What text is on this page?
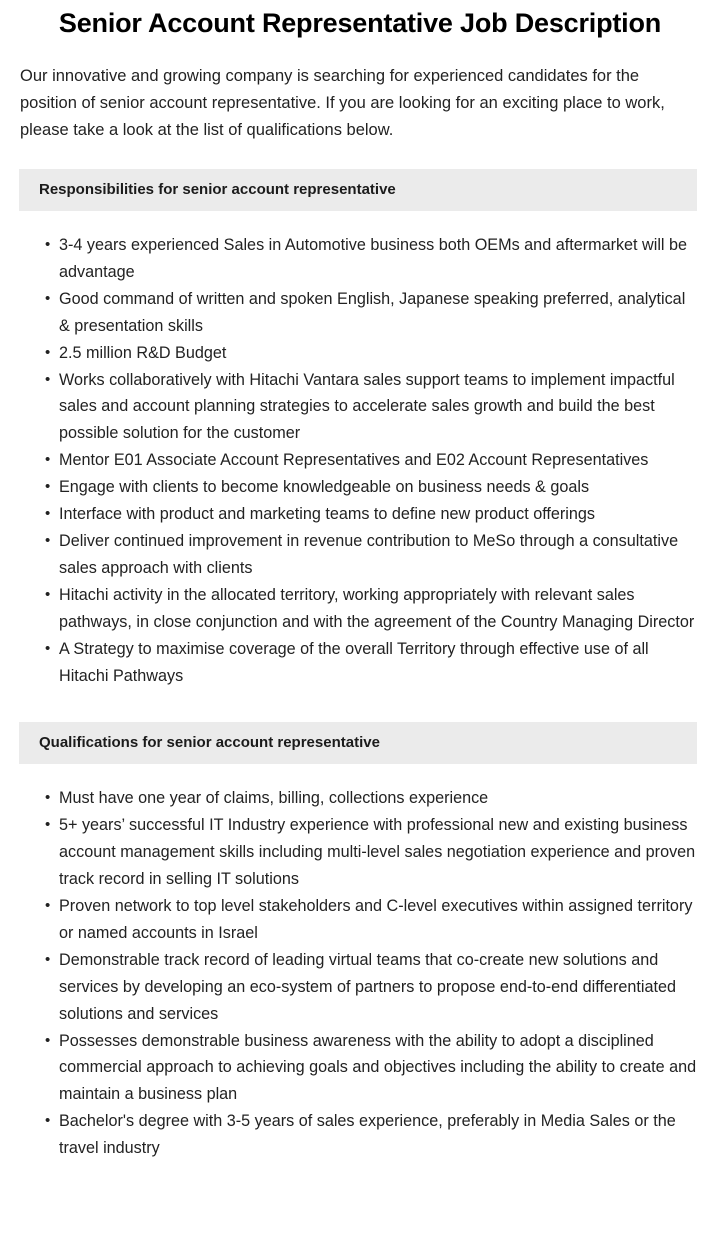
Senior Account Representative Job Description

Our innovative and growing company is searching for experienced candidates for the position of senior account representative. If you are looking for an exciting place to work, please take a look at the list of qualifications below.

Responsibilities for senior account representative
• 3-4 years experienced Sales in Automotive business both OEMs and aftermarket will be advantage
• Good command of written and spoken English, Japanese speaking preferred, analytical & presentation skills
• 2.5 million R&D Budget
• Works collaboratively with Hitachi Vantara sales support teams to implement impactful sales and account planning strategies to accelerate sales growth and build the best possible solution for the customer
• Mentor E01 Associate Account Representatives and E02 Account Representatives
• Engage with clients to become knowledgeable on business needs & goals
• Interface with product and marketing teams to define new product offerings
• Deliver continued improvement in revenue contribution to MeSo through a consultative sales approach with clients
• Hitachi activity in the allocated territory, working appropriately with relevant sales pathways, in close conjunction and with the agreement of the Country Managing Director
• A Strategy to maximise coverage of the overall Territory through effective use of all Hitachi Pathways
Qualifications for senior account representative
• Must have one year of claims, billing, collections experience
• 5+ years’ successful IT Industry experience with professional new and existing business account management skills including multi-level sales negotiation experience and proven track record in selling IT solutions
• Proven network to top level stakeholders and C-level executives within assigned territory or named accounts in Israel
• Demonstrable track record of leading virtual teams that co-create new solutions and services by developing an eco-system of partners to propose end-to-end differentiated solutions and services
• Possesses demonstrable business awareness with the ability to adopt a disciplined commercial approach to achieving goals and objectives including the ability to create and maintain a business plan
• Bachelor's degree with 3-5 years of sales experience, preferably in Media Sales or the travel industry
